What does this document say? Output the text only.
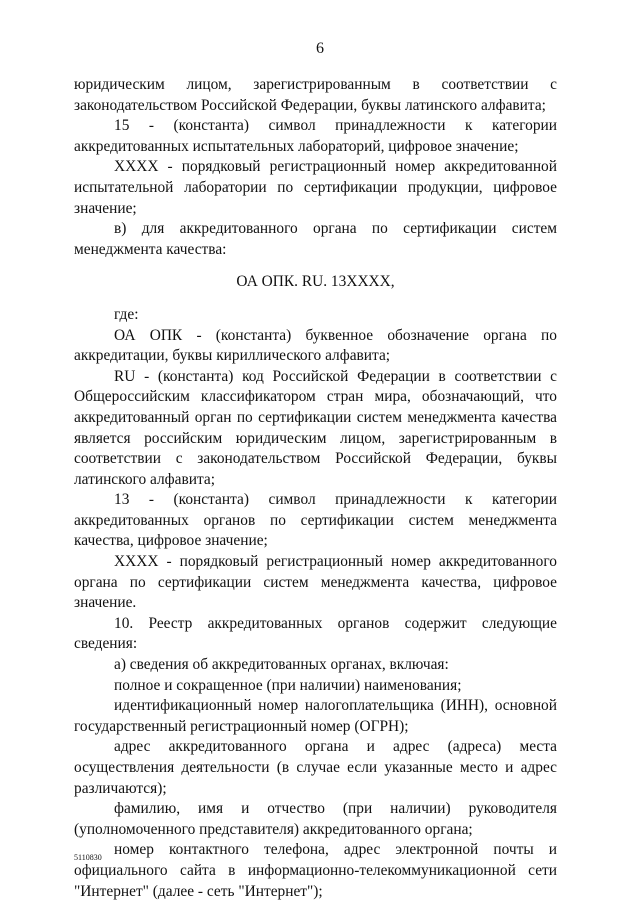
6

юридическим лицом, зарегистрированным в соответствии с законодательством Российской Федерации, буквы латинского алфавита;

15 - (константа) символ принадлежности к категории аккредитованных испытательных лабораторий, цифровое значение;

XXXX - порядковый регистрационный номер аккредитованной испытательной лаборатории по сертификации продукции, цифровое значение;

в) для аккредитованного органа по сертификации систем менеджмента качества:

ОА ОПК. RU. 13XXXX,

где:

ОА ОПК - (константа) буквенное обозначение органа по аккредитации, буквы кириллического алфавита;

RU - (константа) код Российской Федерации в соответствии с Общероссийским классификатором стран мира, обозначающий, что аккредитованный орган по сертификации систем менеджмента качества является российским юридическим лицом, зарегистрированным в соответствии с законодательством Российской Федерации, буквы латинского алфавита;

13 - (константа) символ принадлежности к категории аккредитованных органов по сертификации систем менеджмента качества, цифровое значение;

XXXX - порядковый регистрационный номер аккредитованного органа по сертификации систем менеджмента качества, цифровое значение.

10. Реестр аккредитованных органов содержит следующие сведения:

а) сведения об аккредитованных органах, включая:

полное и сокращенное (при наличии) наименования;

идентификационный номер налогоплательщика (ИНН), основной государственный регистрационный номер (ОГРН);

адрес аккредитованного органа и адрес (адреса) места осуществления деятельности (в случае если указанные место и адрес различаются);

фамилию, имя и отчество (при наличии) руководителя (уполномоченного представителя) аккредитованного органа;

номер контактного телефона, адрес электронной почты и официального сайта в информационно-телекоммуникационной сети "Интернет" (далее - сеть "Интернет");

5110830
